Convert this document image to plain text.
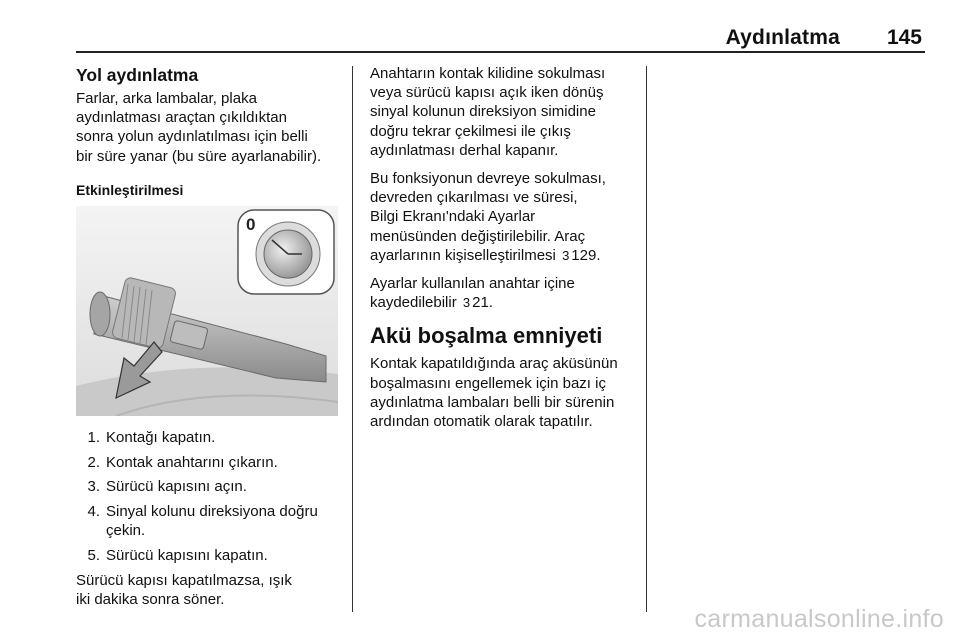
Aydınlatma 145
Yol aydınlatma

Farlar, arka lambalar, plaka
aydınlatması araçtan çıkıldıktan
sonra yolun aydınlatılması için belli
bir süre yanar (bu süre ayarlanabilir).

Etkinleştirilmesi
0
1. Kontağı kapatın.
2. Kontak anahtarını çıkarın.
3. Sürücü kapısını açın.
4. Sinyal kolunu direksiyona doğru çekin.
5. Sürücü kapısını kapatın.

Sürücü kapısı kapatılmazsa, ışık
iki dakika sonra söner.

Anahtarın kontak kilidine sokulması
veya sürücü kapısı açık iken dönüş
sinyal kolunun direksiyon simidine
doğru tekrar çekilmesi ile çıkış
aydınlatması derhal kapanır.

Bu fonksiyonun devreye sokulması,
devreden çıkarılması ve süresi,
Bilgi Ekranı'ndaki Ayarlar
menüsünden değiştirilebilir. Araç
ayarlarının kişiselleştirilmesi 3 129.

Ayarlar kullanılan anahtar içine
kaydedilebilir 3 21.

Akü boşalma emniyeti

Kontak kapatıldığında araç aküsünün
boşalmasını engellemek için bazı iç
aydınlatma lambaları belli bir sürenin
ardından otomatik olarak tapatılır.

carmanualsonline.info
